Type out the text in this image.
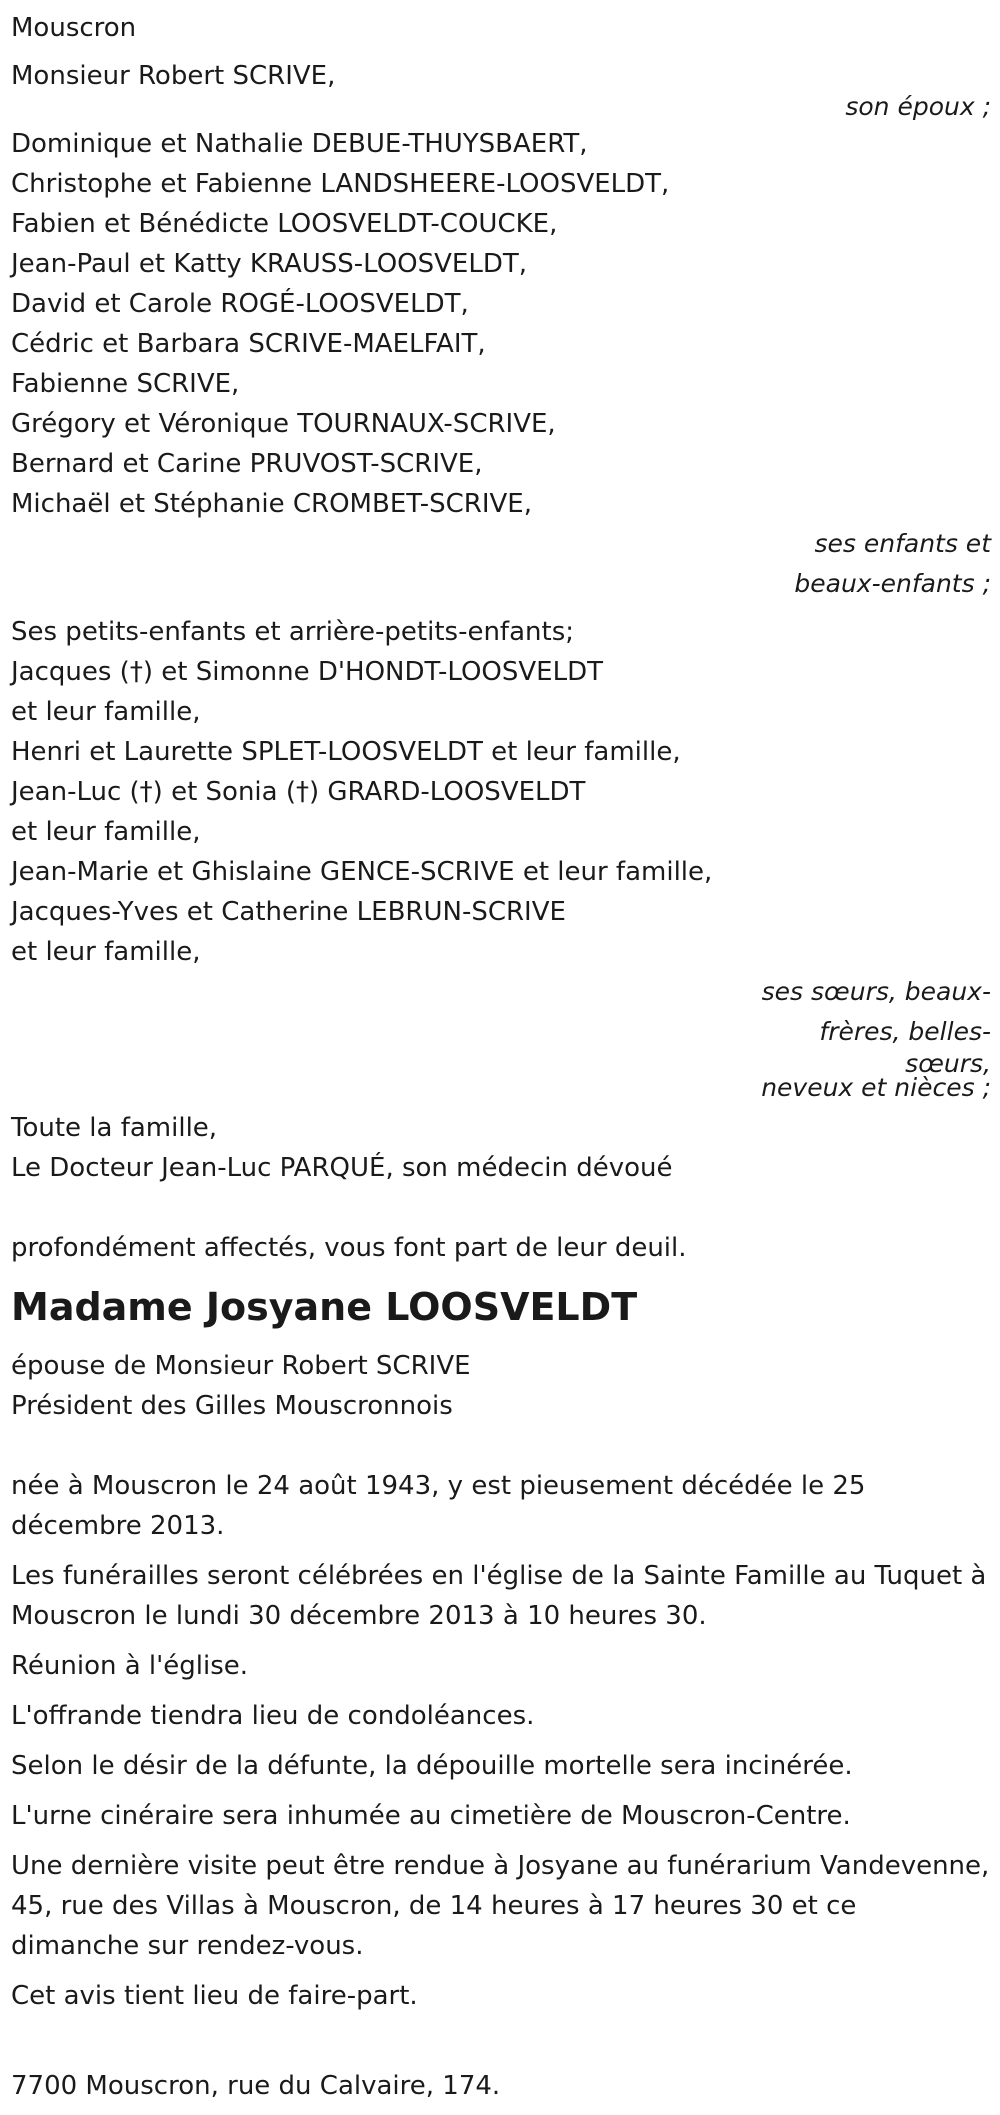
Mouscron
Monsieur Robert SCRIVE,
son époux ;
Dominique et Nathalie DEBUE-THUYSBAERT,
Christophe et Fabienne LANDSHEERE-LOOSVELDT,
Fabien et Bénédicte LOOSVELDT-COUCKE,
Jean-Paul et Katty KRAUSS-LOOSVELDT,
David et Carole ROGÉ-LOOSVELDT,
Cédric et Barbara SCRIVE-MAELFAIT,
Fabienne SCRIVE,
Grégory et Véronique TOURNAUX-SCRIVE,
Bernard et Carine PRUVOST-SCRIVE,
Michaël et Stéphanie CROMBET-SCRIVE,
ses enfants et
beaux-enfants ;
Ses petits-enfants et arrière-petits-enfants;
Jacques (†) et Simonne D'HONDT-LOOSVELDT
et leur famille,
Henri et Laurette SPLET-LOOSVELDT et leur famille,
Jean-Luc (†) et Sonia (†) GRARD-LOOSVELDT
et leur famille,
Jean-Marie et Ghislaine GENCE-SCRIVE et leur famille,
Jacques-Yves et Catherine LEBRUN-SCRIVE
et leur famille,
ses sœurs, beaux-
frères, belles-
sœurs,
neveux et nièces ;
Toute la famille,
Le Docteur Jean-Luc PARQUÉ, son médecin dévoué
profondément affectés, vous font part de leur deuil.
Madame Josyane LOOSVELDT
épouse de Monsieur Robert SCRIVE
Président des Gilles Mouscronnois
née à Mouscron le 24 août 1943, y est pieusement décédée le 25 décembre 2013.
Les funérailles seront célébrées en l'église de la Sainte Famille au Tuquet à Mouscron le lundi 30 décembre 2013 à 10 heures 30.
Réunion à l'église.
L'offrande tiendra lieu de condoléances.
Selon le désir de la défunte, la dépouille mortelle sera incinérée.
L'urne cinéraire sera inhumée au cimetière de Mouscron-Centre.
Une dernière visite peut être rendue à Josyane au funérarium Vandevenne, 45, rue des Villas à Mouscron, de 14 heures à 17 heures 30 et ce dimanche sur rendez-vous.
Cet avis tient lieu de faire-part.
7700 Mouscron, rue du Calvaire, 174.
